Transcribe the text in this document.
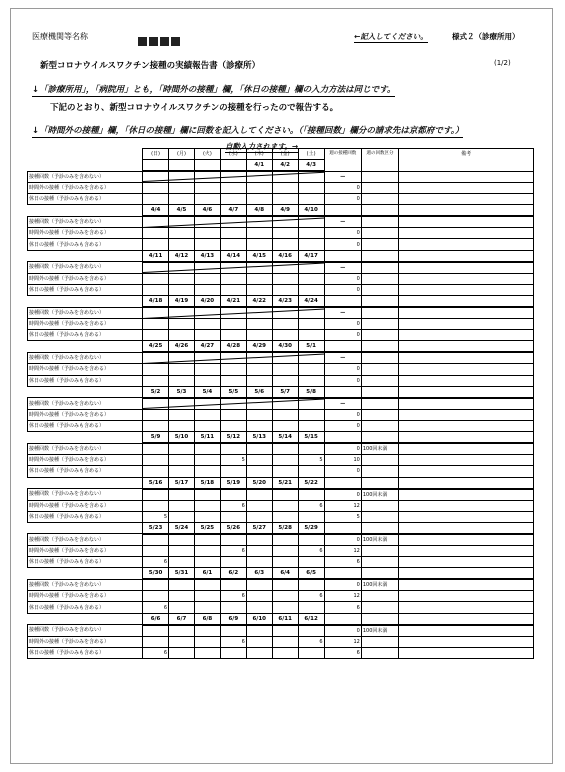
医療機関等名称	←記入してください。	様式２（診療所用）
新型コロナウイルスワクチン接種の実績報告書（診療所）	(1/2)
↓「診療所用」，「病院用」とも，「時間外の接種」欄，「休日の接種」欄の入力方法は同じです。
下記のとおり、新型コロナウイルスワクチンの接種を行ったので報告する。
↓「時間外の接種」欄，「休日の接種」欄に回数を記入してください。（「接種回数」欄分の請求先は京都府です。）
自動入力されます。→
	(日)	(月)	(火)	(水)	(木)	(金)	(土)	週の接種回数	週の回数区分	備考
					4/1	4/2	4/3			
接種回数（予診のみを含めない）								—		
時間外の接種（予診のみを含める）								0		
休日の接種（予診のみも含める）								0		
	4/4	4/5	4/6	4/7	4/8	4/9	4/10			
接種回数（予診のみを含めない）								—		
時間外の接種（予診のみを含める）								0		
休日の接種（予診のみも含める）								0		
	4/11	4/12	4/13	4/14	4/15	4/16	4/17			
接種回数（予診のみを含めない）								—		
時間外の接種（予診のみを含める）								0		
休日の接種（予診のみも含める）								0		
	4/18	4/19	4/20	4/21	4/22	4/23	4/24			
接種回数（予診のみを含めない）								—		
時間外の接種（予診のみを含める）								0		
休日の接種（予診のみも含める）								0		
	4/25	4/26	4/27	4/28	4/29	4/30	5/1			
接種回数（予診のみを含めない）								—		
時間外の接種（予診のみを含める）								0		
休日の接種（予診のみも含める）								0		
	5/2	5/3	5/4	5/5	5/6	5/7	5/8			
接種回数（予診のみを含めない）								—		
時間外の接種（予診のみを含める）								0		
休日の接種（予診のみも含める）								0		
	5/9	5/10	5/11	5/12	5/13	5/14	5/15			
接種回数（予診のみを含めない）								0	100回未満	
時間外の接種（予診のみを含める）				5			5	10		
休日の接種（予診のみも含める）								0		
	5/16	5/17	5/18	5/19	5/20	5/21	5/22			
接種回数（予診のみを含めない）								0	100回未満	
時間外の接種（予診のみを含める）				6			6	12		
休日の接種（予診のみも含める）	5							5		
	5/23	5/24	5/25	5/26	5/27	5/28	5/29			
接種回数（予診のみを含めない）								0	100回未満	
時間外の接種（予診のみを含める）				6			6	12		
休日の接種（予診のみも含める）	6							6		
	5/30	5/31	6/1	6/2	6/3	6/4	6/5			
接種回数（予診のみを含めない）								0	100回未満	
時間外の接種（予診のみを含める）				6			6	12		
休日の接種（予診のみも含める）	6							6		
	6/6	6/7	6/8	6/9	6/10	6/11	6/12			
接種回数（予診のみを含めない）								0	100回未満	
時間外の接種（予診のみを含める）				6			6	12		
休日の接種（予診のみも含める）	6							6		
